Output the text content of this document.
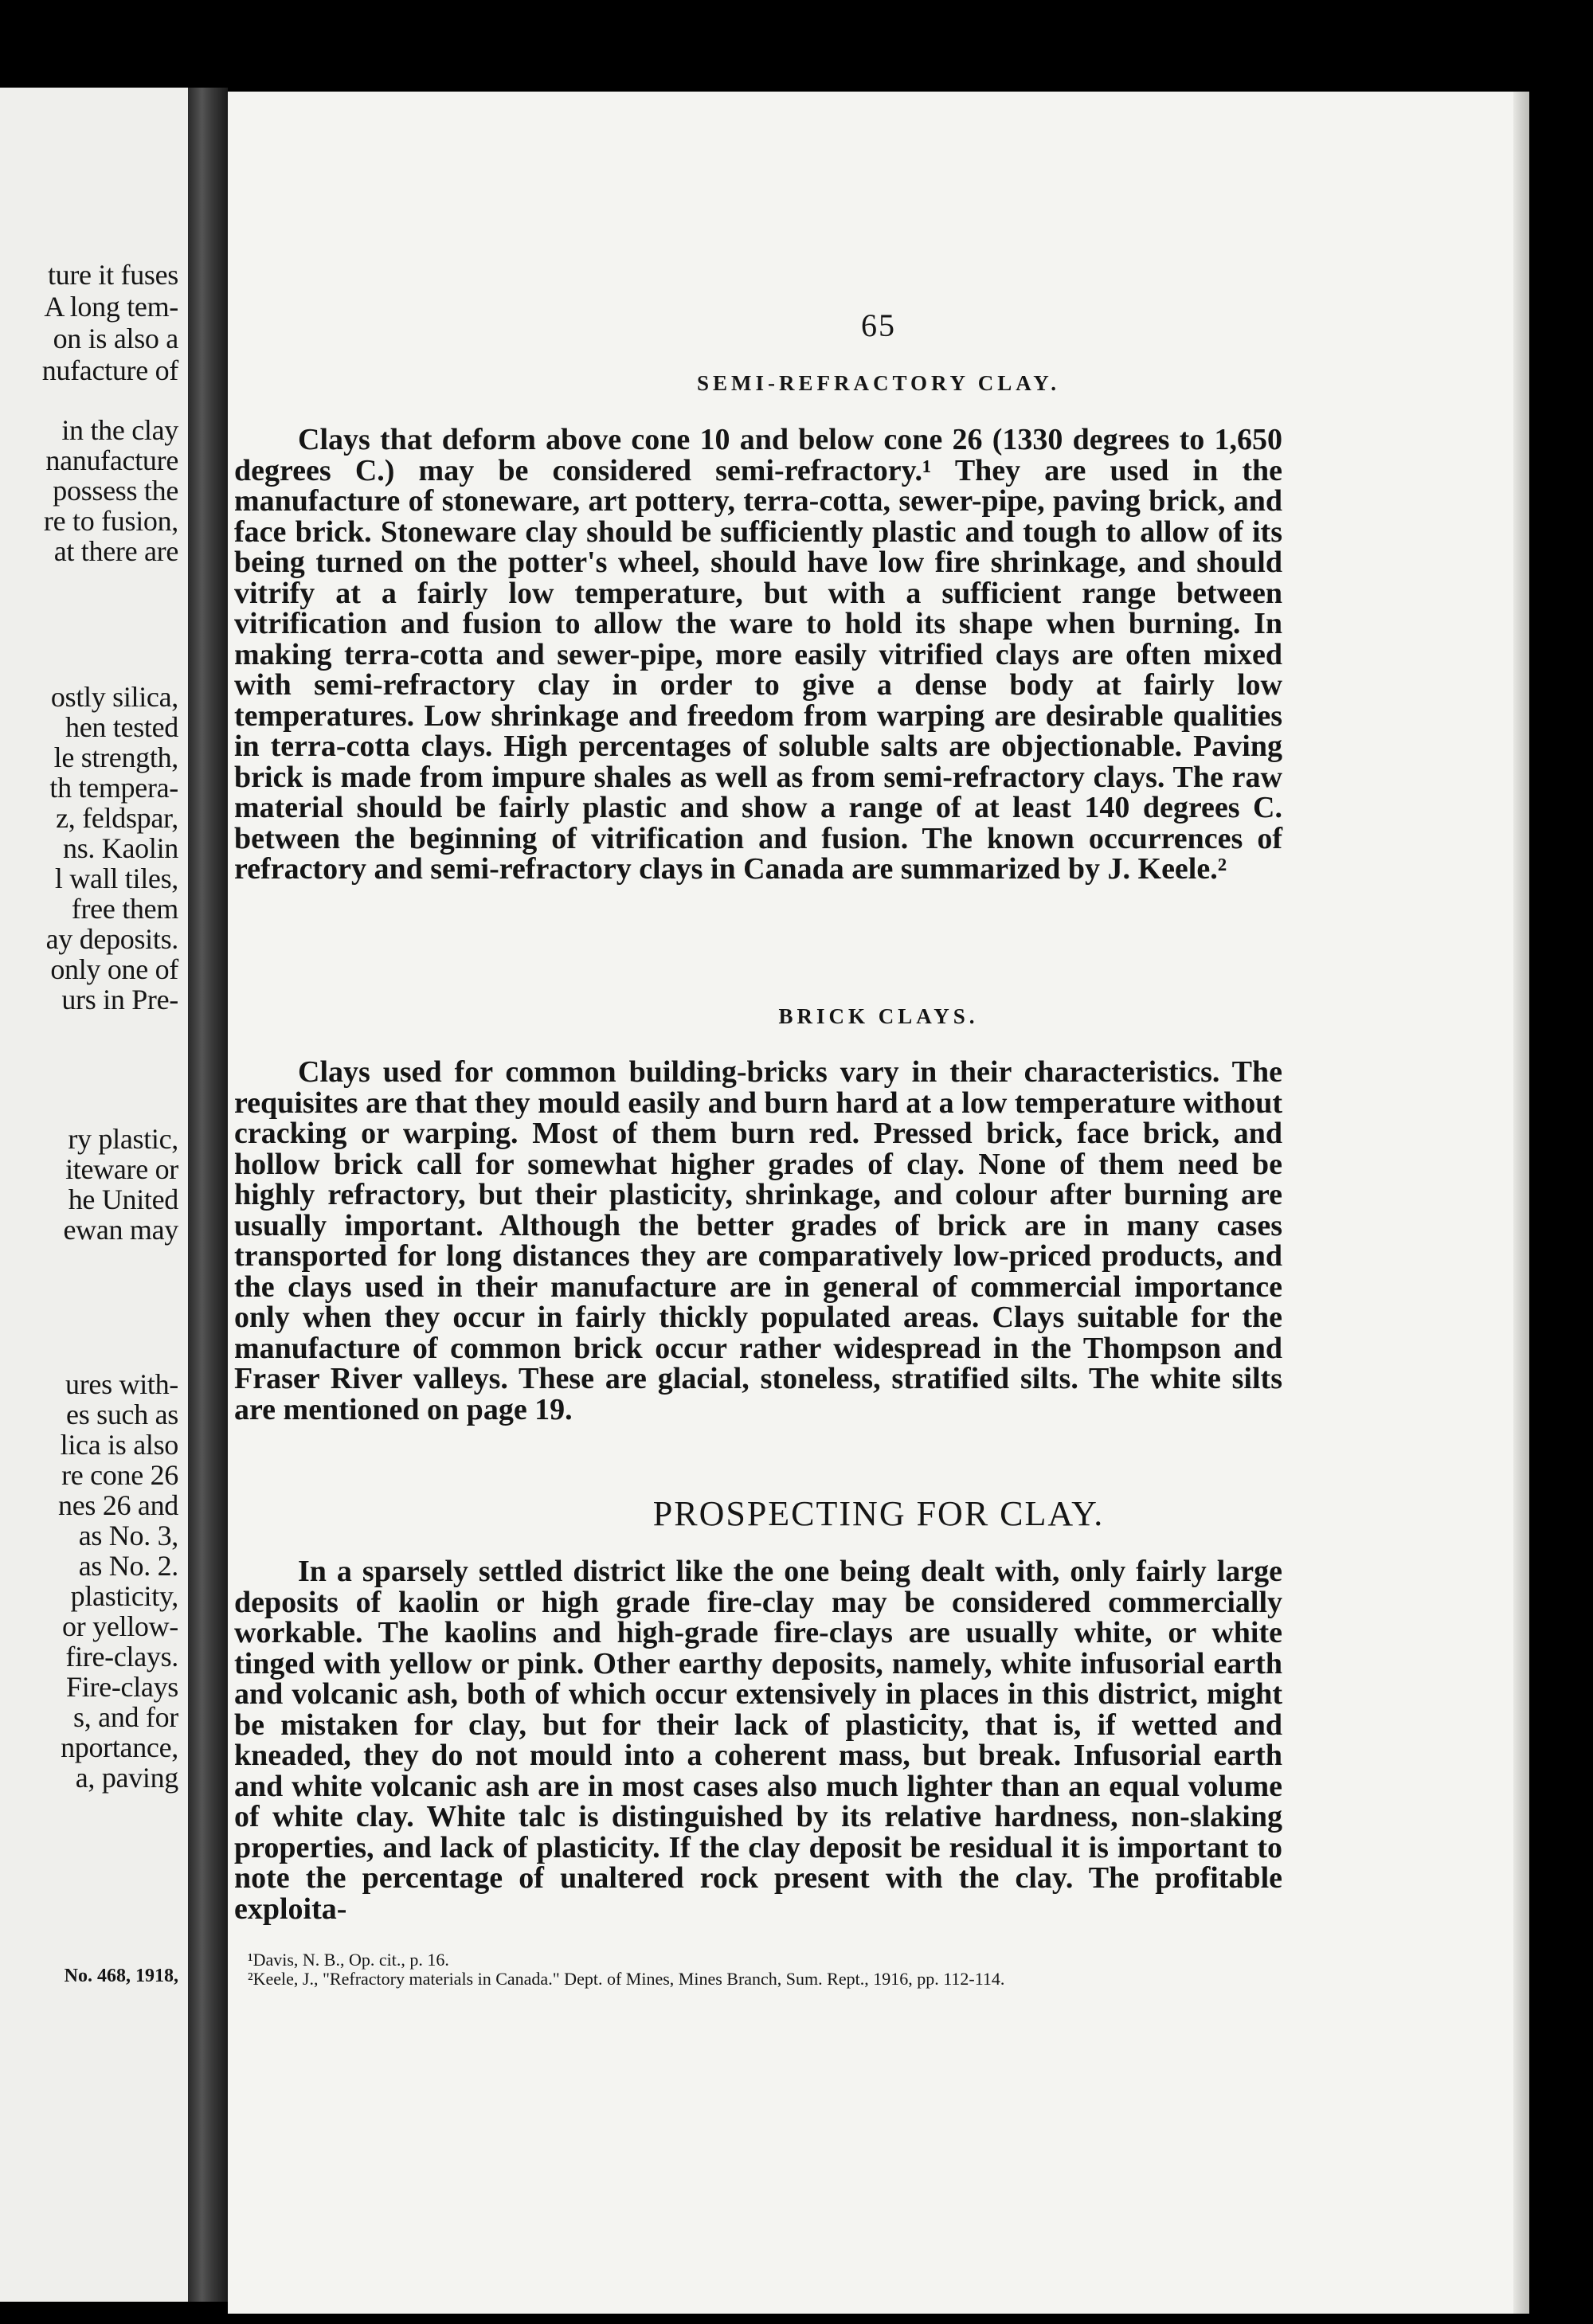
ture it fuses
A long tem-
on is also a
nufacture of
in the clay
nanufacture
possess the
re to fusion,
at there are
ostly silica,
hen tested
le strength,
th tempera-
z, feldspar,
ns. Kaolin
l wall tiles,
free them
ay deposits.
only one of
urs in Pre-
ry plastic,
iteware or
he United
ewan may
ures with-
es such as
lica is also
re cone 26
nes 26 and
as No. 3,
as No. 2.
plasticity,
or yellow-
fire-clays.
Fire-clays
s, and for
nportance,
a, paving
No. 468, 1918,
65
SEMI-REFRACTORY CLAY.
Clays that deform above cone 10 and below cone 26 (1330 degrees to 1,650 degrees C.) may be considered semi-refractory.¹ They are used in the manufacture of stoneware, art pottery, terra-cotta, sewer-pipe, paving brick, and face brick. Stoneware clay should be sufficiently plastic and tough to allow of its being turned on the potter's wheel, should have low fire shrinkage, and should vitrify at a fairly low temperature, but with a sufficient range between vitrification and fusion to allow the ware to hold its shape when burning. In making terra-cotta and sewer-pipe, more easily vitrified clays are often mixed with semi-refractory clay in order to give a dense body at fairly low temperatures. Low shrinkage and freedom from warping are desirable qualities in terra-cotta clays. High percentages of soluble salts are objectionable. Paving brick is made from impure shales as well as from semi-refractory clays. The raw material should be fairly plastic and show a range of at least 140 degrees C. between the beginning of vitrification and fusion. The known occurrences of refractory and semi-refractory clays in Canada are summarized by J. Keele.²
BRICK CLAYS.
Clays used for common building-bricks vary in their characteristics. The requisites are that they mould easily and burn hard at a low temperature without cracking or warping. Most of them burn red. Pressed brick, face brick, and hollow brick call for somewhat higher grades of clay. None of them need be highly refractory, but their plasticity, shrinkage, and colour after burning are usually important. Although the better grades of brick are in many cases transported for long distances they are comparatively low-priced products, and the clays used in their manufacture are in general of commercial importance only when they occur in fairly thickly populated areas. Clays suitable for the manufacture of common brick occur rather widespread in the Thompson and Fraser River valleys. These are glacial, stoneless, stratified silts. The white silts are mentioned on page 19.
PROSPECTING FOR CLAY.
In a sparsely settled district like the one being dealt with, only fairly large deposits of kaolin or high grade fire-clay may be considered commercially workable. The kaolins and high-grade fire-clays are usually white, or white tinged with yellow or pink. Other earthy deposits, namely, white infusorial earth and volcanic ash, both of which occur extensively in places in this district, might be mistaken for clay, but for their lack of plasticity, that is, if wetted and kneaded, they do not mould into a coherent mass, but break. Infusorial earth and white volcanic ash are in most cases also much lighter than an equal volume of white clay. White talc is distinguished by its relative hardness, non-slaking properties, and lack of plasticity. If the clay deposit be residual it is important to note the percentage of unaltered rock present with the clay. The profitable exploita-
¹Davis, N. B., Op. cit., p. 16.
²Keele, J., "Refractory materials in Canada." Dept. of Mines, Mines Branch, Sum. Rept., 1916, pp. 112-114.
